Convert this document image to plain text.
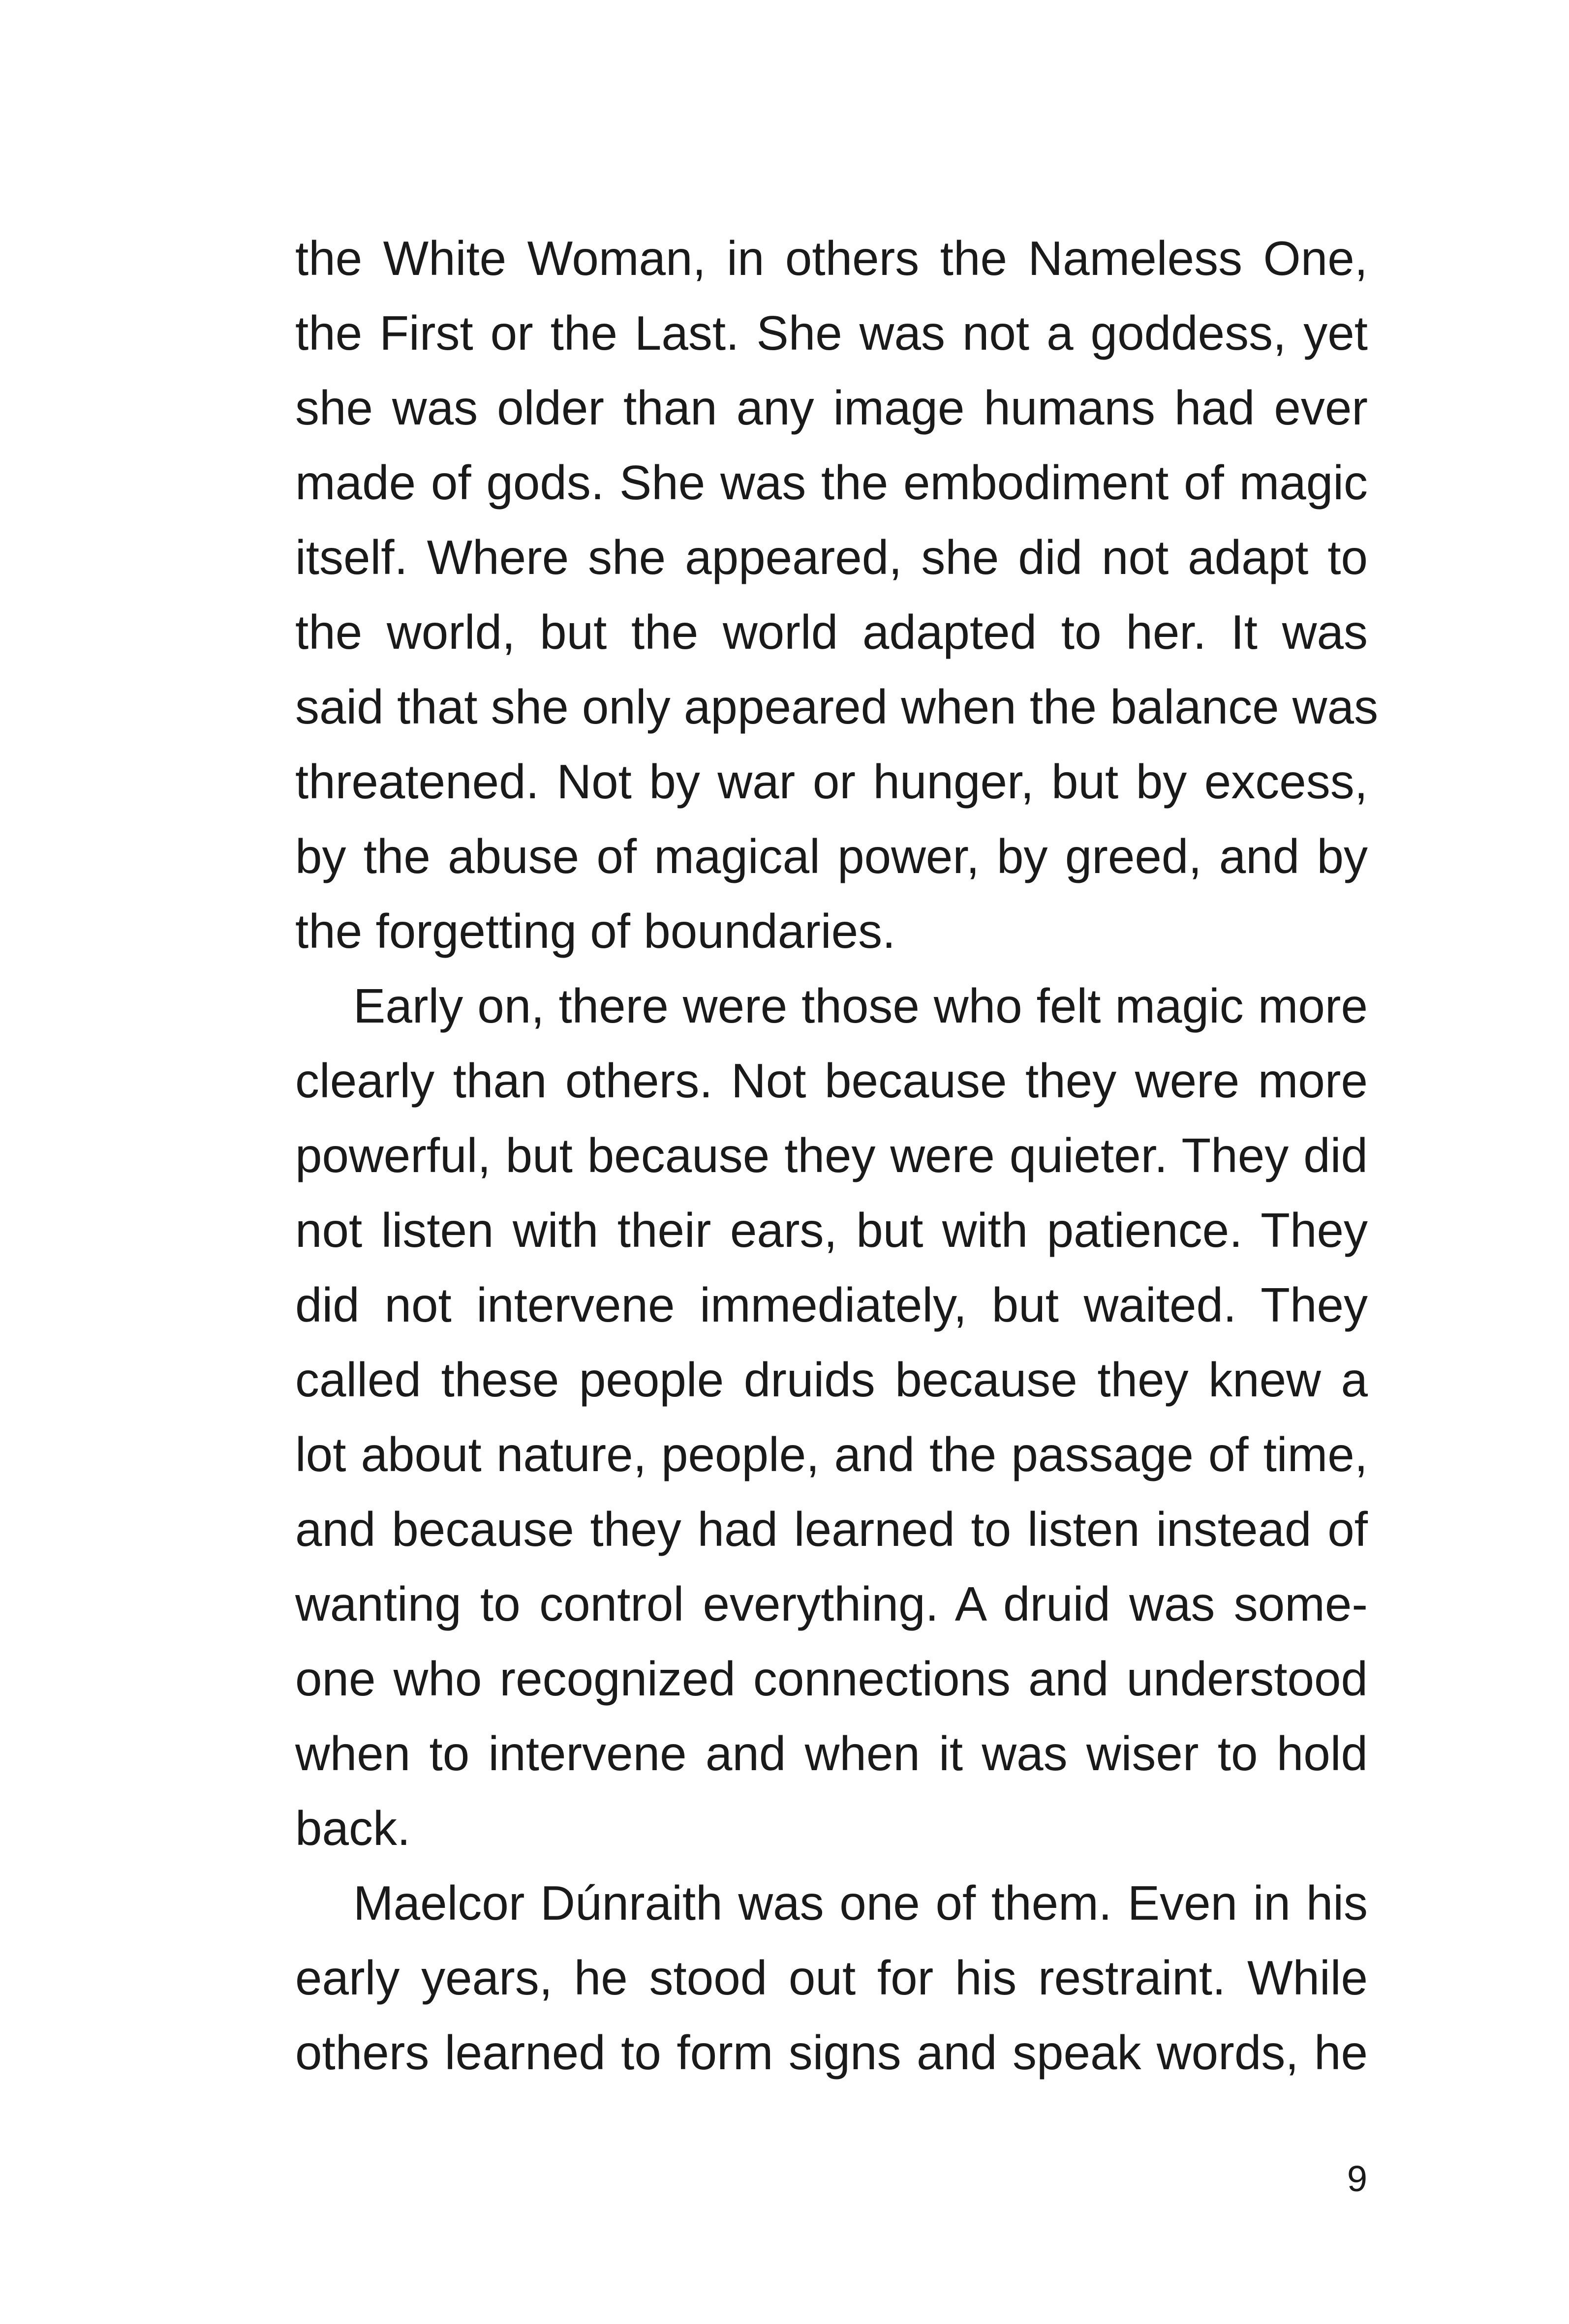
the White Woman, in others the Nameless One,
the First or the Last. She was not a goddess, yet
she was older than any image humans had ever
made of gods. She was the embodiment of magic
itself. Where she appeared, she did not adapt to
the world, but the world adapted to her. It was
said that she only appeared when the balance was
threatened. Not by war or hunger, but by excess,
by the abuse of magical power, by greed, and by
the forgetting of boundaries.
Early on, there were those who felt magic more
clearly than others. Not because they were more
powerful, but because they were quieter. They did
not listen with their ears, but with patience. They
did not intervene immediately, but waited. They
called these people druids because they knew a
lot about nature, people, and the passage of time,
and because they had learned to listen instead of
wanting to control everything. A druid was some-
one who recognized connections and understood
when to intervene and when it was wiser to hold
back.
Maelcor Dúnraith was one of them. Even in his
early years, he stood out for his restraint. While
others learned to form signs and speak words, he
9
